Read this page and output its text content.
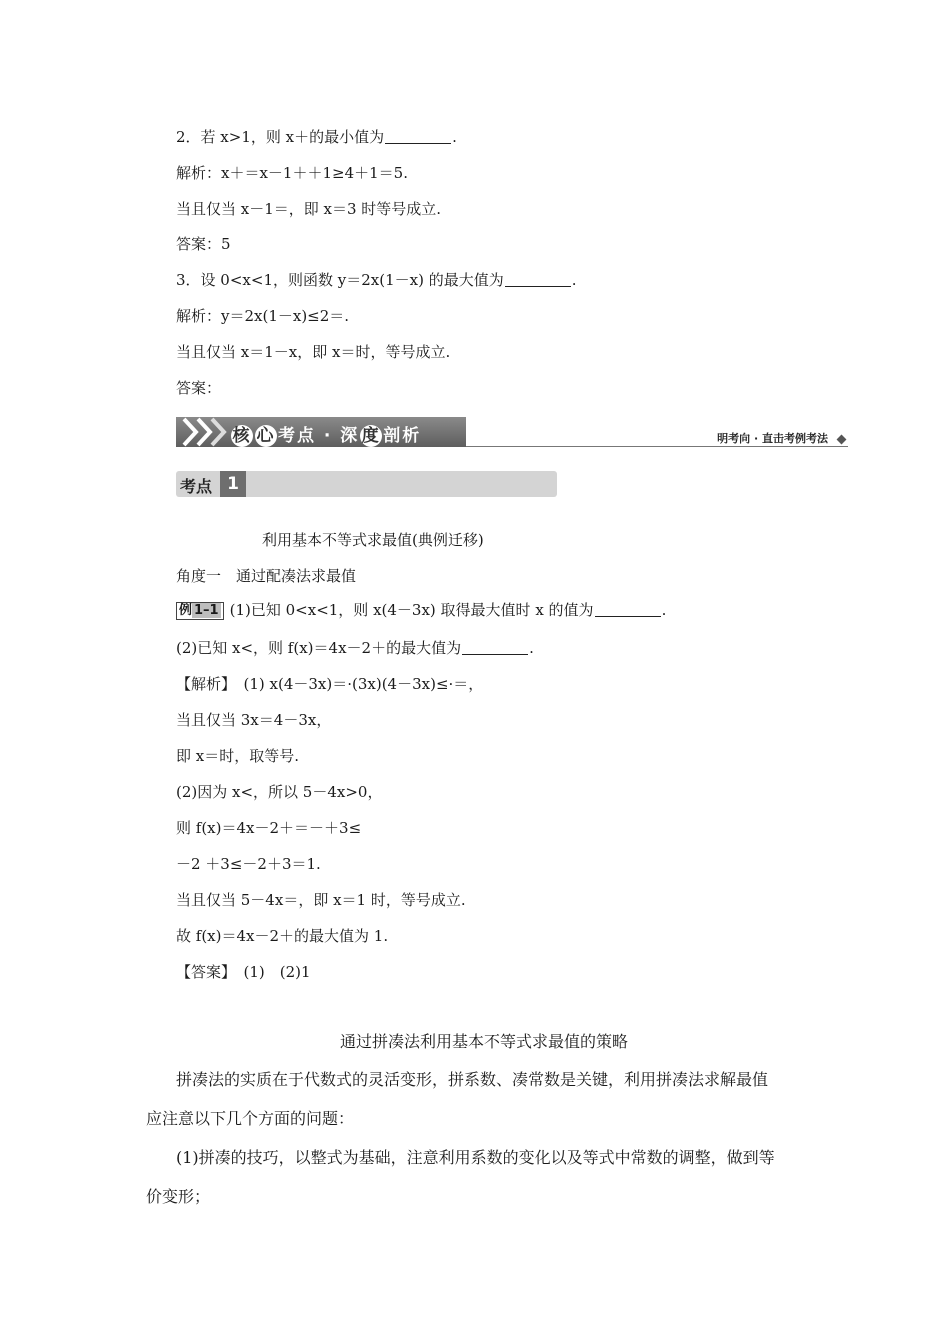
2．若 x>1，则 x＋的最小值为	.
解析：x＋＝x－1＋＋1≥4＋1＝5.
当且仅当 x－1＝，即 x＝3 时等号成立.
答案：5
3．设 0<x<1，则函数 y＝2x(1－x) 的最大值为	.
解析：y＝2x(1－x)≤2＝.
当且仅当 x＝1－x，即 x＝时，等号成立.
答案：
核 心 考点 · 深 度 剖析	明考向 · 直击考例考法
考点 1
利用基本不等式求最值(典例迁移)
角度一　通过配凑法求最值
例 1–1 (1)已知 0<x<1，则 x(4－3x) 取得最大值时 x 的值为	.
(2)已知 x<，则 f(x)＝4x－2＋的最大值为	.
【解析】　(1) x(4－3x)＝·(3x)(4－3x)≤·＝，
当且仅当 3x＝4－3x，
即 x＝时，取等号.
(2)因为 x<，所以 5－4x>0，
则 f(x)＝4x－2＋＝－＋3≤
－2 ＋3≤－2＋3＝1.
当且仅当 5－4x＝，即 x＝1 时，等号成立.
故 f(x)＝4x－2＋的最大值为 1.
【答案】　(1)　(2)1
通过拼凑法利用基本不等式求最值的策略
拼凑法的实质在于代数式的灵活变形，拼系数、凑常数是关键，利用拼凑法求解最值
应注意以下几个方面的问题：
(1)拼凑的技巧，以整式为基础，注意利用系数的变化以及等式中常数的调整，做到等
价变形；
